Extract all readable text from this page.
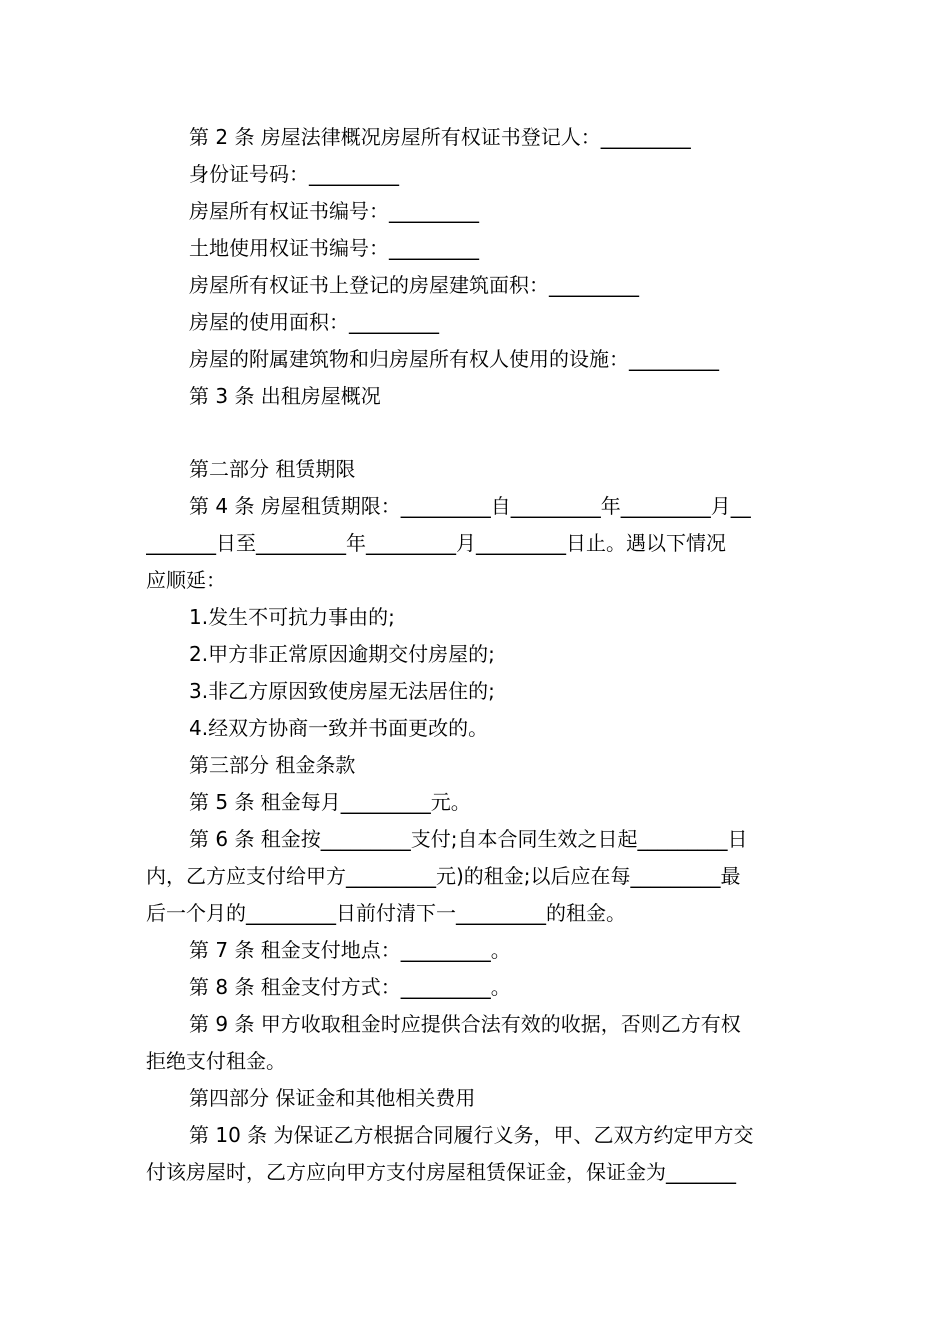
第 2 条 房屋法律概况房屋所有权证书登记人：_________
身份证号码：_________
房屋所有权证书编号：_________
土地使用权证书编号：_________
房屋所有权证书上登记的房屋建筑面积：_________
房屋的使用面积：_________
房屋的附属建筑物和归房屋所有权人使用的设施：_________
第 3 条 出租房屋概况
第二部分 租赁期限
第 4 条 房屋租赁期限：_________自_________年_________月__
_______日至_________年_________月_________日止。遇以下情况
应顺延：
1.发生不可抗力事由的;
2.甲方非正常原因逾期交付房屋的;
3.非乙方原因致使房屋无法居住的;
4.经双方协商一致并书面更改的。
第三部分 租金条款
第 5 条 租金每月_________元。
第 6 条 租金按_________支付;自本合同生效之日起_________日
内，乙方应支付给甲方_________元)的租金;以后应在每_________最
后一个月的_________日前付清下一_________的租金。
第 7 条 租金支付地点：_________。
第 8 条 租金支付方式：_________。
第 9 条 甲方收取租金时应提供合法有效的收据，否则乙方有权
拒绝支付租金。
第四部分 保证金和其他相关费用
第 10 条 为保证乙方根据合同履行义务，甲、乙双方约定甲方交
付该房屋时，乙方应向甲方支付房屋租赁保证金，保证金为_______
